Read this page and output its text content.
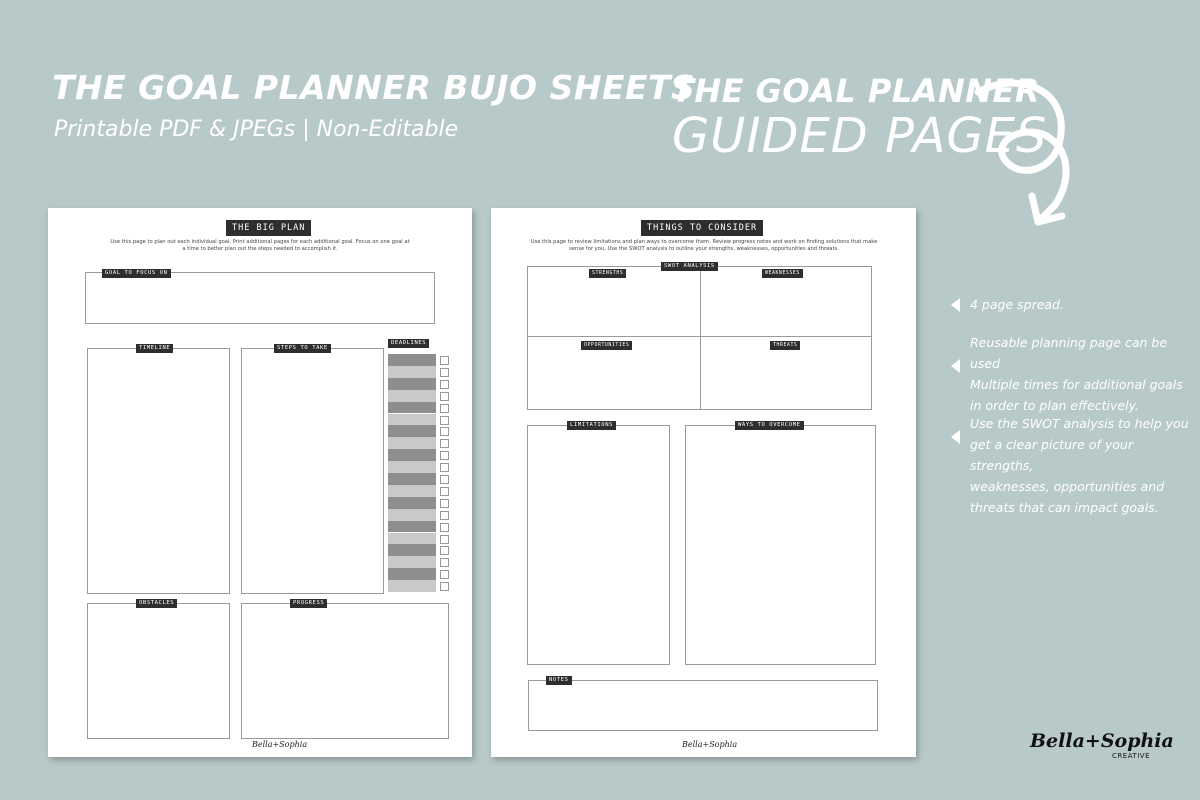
THE GOAL PLANNER BUJO SHEETS
Printable PDF & JPEGs | Non-Editable
THE GOAL PLANNER
GUIDED PAGES
THE BIG PLAN
Use this page to plan out each individual goal. Print additional pages for each additional goal. Focus on one goal at a time to better plan out the steps needed to accomplish it.
GOAL TO FOCUS ON
TIMELINE	STEPS TO TAKE
DEADLINES
OBSTACLES	PROGRESS
Bella+Sophia
THINGS TO CONSIDER
Use this page to review limitations and plan ways to overcome them. Review progress notes and work on finding solutions that make sense for you. Use the SWOT analysis to outline your strengths, weaknesses, opportunities and threats.
SWOT ANALYSIS
STRENGTHS	WEAKNESSES
OPPORTUNITIES	THREATS
LIMITATIONS	WAYS TO OVERCOME
NOTES
Bella+Sophia
4 page spread.
Reusable planning page can be used
Multiple times for additional goals
in order to plan effectively.
Use the SWOT analysis to help you
get a clear picture of your strengths,
weaknesses, opportunities and
threats that can impact goals.
Bella+Sophia
CREATIVE
